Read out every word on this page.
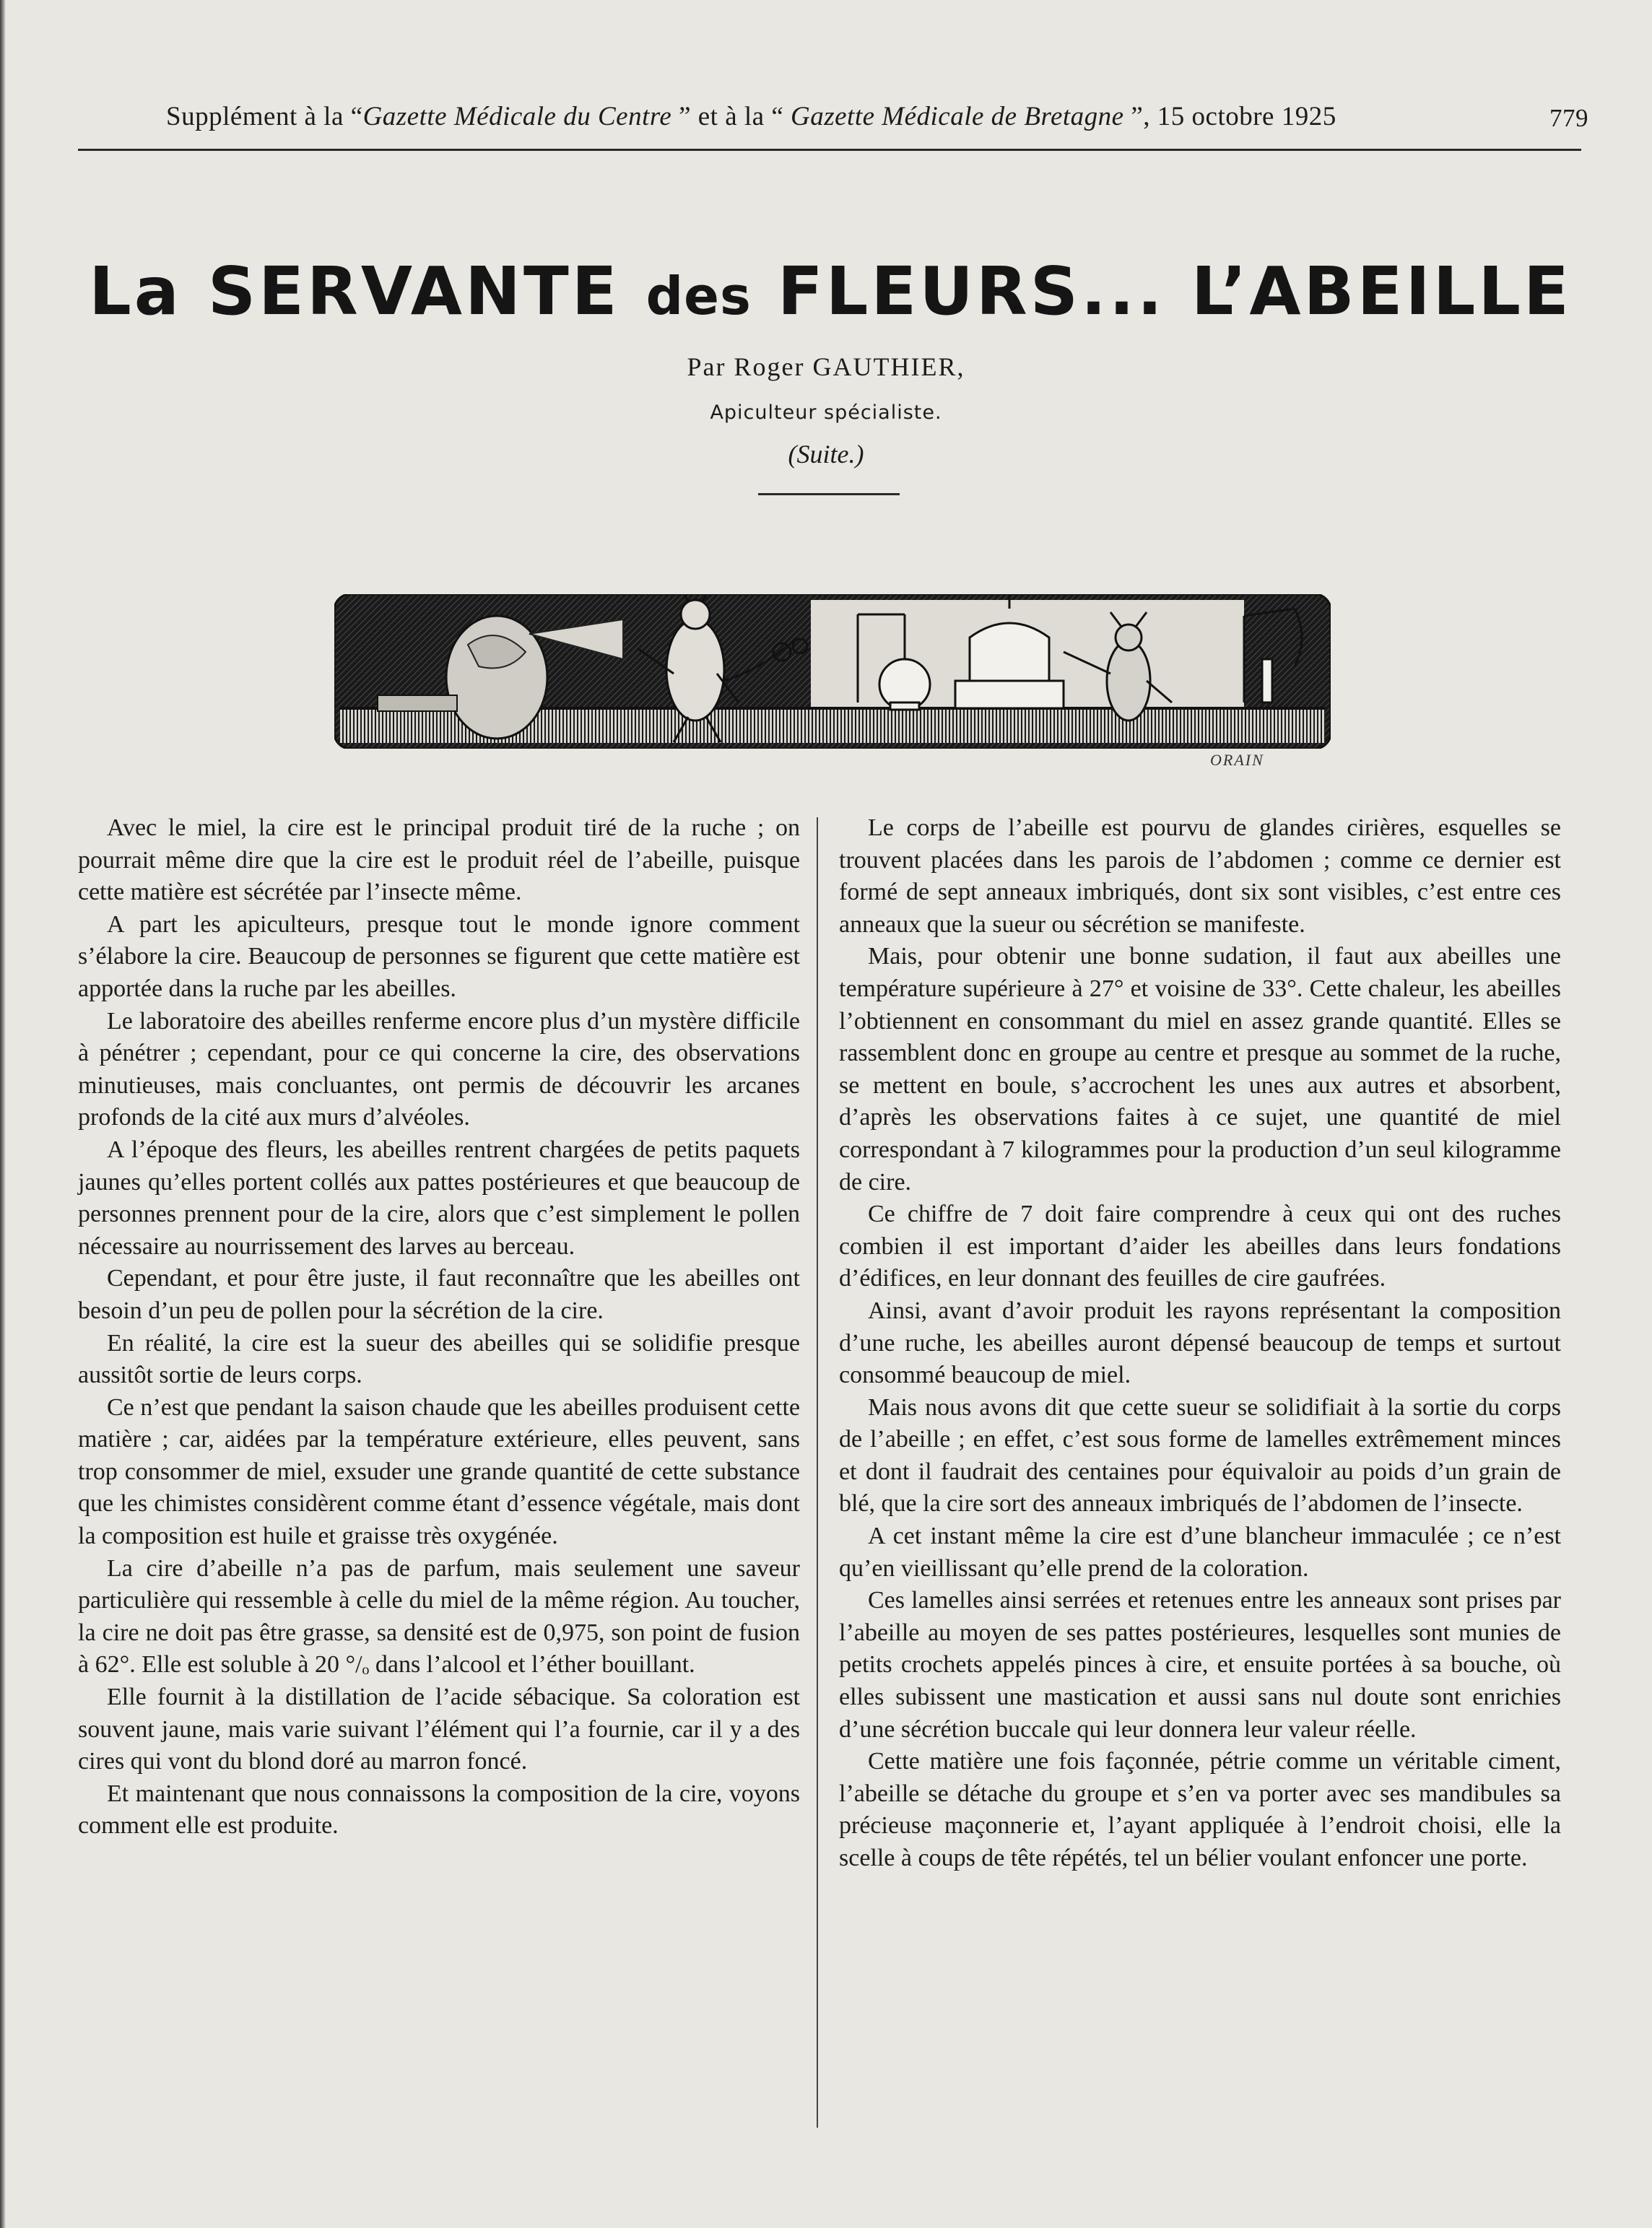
Supplément à la “Gazette Médicale du Centre ” et à la “ Gazette Médicale de Bretagne ”, 15 octobre 1925	779
La SERVANTE des FLEURS... L’ABEILLE
Par Roger GAUTHIER,
Apiculteur spécialiste.
(Suite.)
ORAIN

Avec le miel, la cire est le principal produit tiré de la ruche ; on pourrait même dire que la cire est le produit réel de l’abeille, puisque cette matière est sécrétée par l’insecte même.

A part les apiculteurs, presque tout le monde ignore comment s’élabore la cire. Beaucoup de personnes se figurent que cette matière est apportée dans la ruche par les abeilles.

Le laboratoire des abeilles renferme encore plus d’un mystère difficile à pénétrer ; cependant, pour ce qui concerne la cire, des observations minutieuses, mais concluantes, ont permis de découvrir les arcanes profonds de la cité aux murs d’alvéoles.

A l’époque des fleurs, les abeilles rentrent chargées de petits paquets jaunes qu’elles portent collés aux pattes postérieures et que beaucoup de personnes prennent pour de la cire, alors que c’est simplement le pollen nécessaire au nourrissement des larves au berceau.

Cependant, et pour être juste, il faut reconnaître que les abeilles ont besoin d’un peu de pollen pour la sécrétion de la cire.

En réalité, la cire est la sueur des abeilles qui se solidifie presque aussitôt sortie de leurs corps.

Ce n’est que pendant la saison chaude que les abeilles produisent cette matière ; car, aidées par la température extérieure, elles peuvent, sans trop consommer de miel, exsuder une grande quantité de cette substance que les chimistes considèrent comme étant d’essence végétale, mais dont la composition est huile et graisse très oxygénée.

La cire d’abeille n’a pas de parfum, mais seulement une saveur particulière qui ressemble à celle du miel de la même région. Au toucher, la cire ne doit pas être grasse, sa densité est de 0,975, son point de fusion à 62°. Elle est soluble à 20 °/ₒ dans l’alcool et l’éther bouillant.

Elle fournit à la distillation de l’acide sébacique. Sa coloration est souvent jaune, mais varie suivant l’élément qui l’a fournie, car il y a des cires qui vont du blond doré au marron foncé.

Et maintenant que nous connaissons la composition de la cire, voyons comment elle est produite.

Le corps de l’abeille est pourvu de glandes cirières, esquelles se trouvent placées dans les parois de l’abdomen ; comme ce dernier est formé de sept anneaux imbriqués, dont six sont visibles, c’est entre ces anneaux que la sueur ou sécrétion se manifeste.

Mais, pour obtenir une bonne sudation, il faut aux abeilles une température supérieure à 27° et voisine de 33°. Cette chaleur, les abeilles l’obtiennent en consommant du miel en assez grande quantité. Elles se rassemblent donc en groupe au centre et presque au sommet de la ruche, se mettent en boule, s’accrochent les unes aux autres et absorbent, d’après les observations faites à ce sujet, une quantité de miel correspondant à 7 kilogrammes pour la production d’un seul kilogramme de cire.

Ce chiffre de 7 doit faire comprendre à ceux qui ont des ruches combien il est important d’aider les abeilles dans leurs fondations d’édifices, en leur donnant des feuilles de cire gaufrées.

Ainsi, avant d’avoir produit les rayons représentant la composition d’une ruche, les abeilles auront dépensé beaucoup de temps et surtout consommé beaucoup de miel.

Mais nous avons dit que cette sueur se solidifiait à la sortie du corps de l’abeille ; en effet, c’est sous forme de lamelles extrêmement minces et dont il faudrait des centaines pour équivaloir au poids d’un grain de blé, que la cire sort des anneaux imbriqués de l’abdomen de l’insecte.

A cet instant même la cire est d’une blancheur immaculée ; ce n’est qu’en vieillissant qu’elle prend de la coloration.

Ces lamelles ainsi serrées et retenues entre les anneaux sont prises par l’abeille au moyen de ses pattes postérieures, lesquelles sont munies de petits crochets appelés pinces à cire, et ensuite portées à sa bouche, où elles subissent une mastication et aussi sans nul doute sont enrichies d’une sécrétion buccale qui leur donnera leur valeur réelle.

Cette matière une fois façonnée, pétrie comme un véritable ciment, l’abeille se détache du groupe et s’en va porter avec ses mandibules sa précieuse maçonnerie et, l’ayant appliquée à l’endroit choisi, elle la scelle à coups de tête répétés, tel un bélier voulant enfoncer une porte.
